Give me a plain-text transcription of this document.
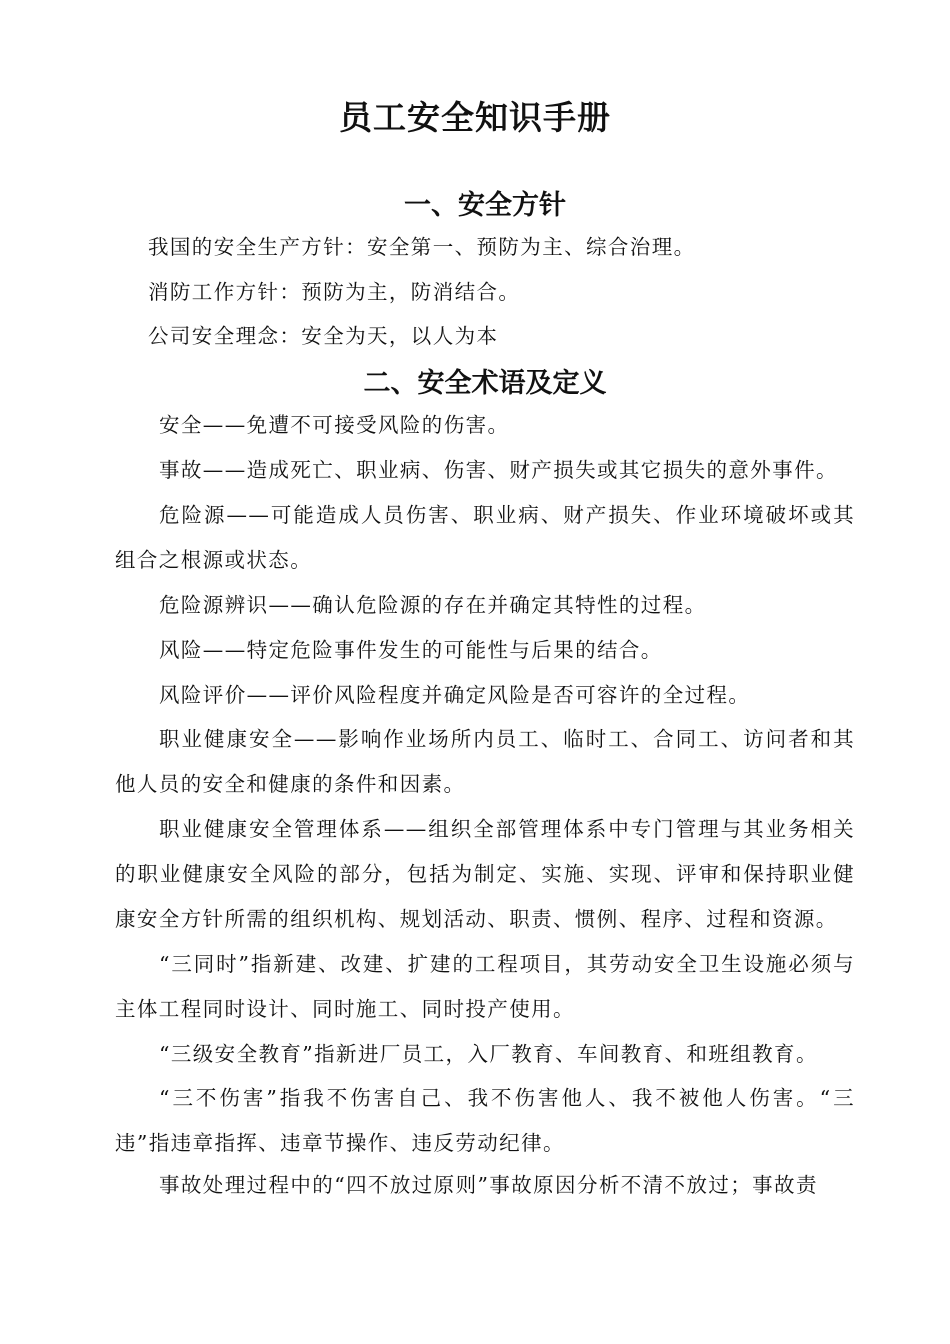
员工安全知识手册
一、安全方针
我国的安全生产方针：安全第一、预防为主、综合治理。
消防工作方针：预防为主，防消结合。
公司安全理念：安全为天，以人为本
二、安全术语及定义
安全——免遭不可接受风险的伤害。
事故——造成死亡、职业病、伤害、财产损失或其它损失的意外事件。
危险源——可能造成人员伤害、职业病、财产损失、作业环境破坏或其组合之根源或状态。
危险源辨识——确认危险源的存在并确定其特性的过程。
风险——特定危险事件发生的可能性与后果的结合。
风险评价——评价风险程度并确定风险是否可容许的全过程。
职业健康安全——影响作业场所内员工、临时工、合同工、访问者和其他人员的安全和健康的条件和因素。
职业健康安全管理体系——组织全部管理体系中专门管理与其业务相关的职业健康安全风险的部分，包括为制定、实施、实现、评审和保持职业健康安全方针所需的组织机构、规划活动、职责、惯例、程序、过程和资源。
“三同时”指新建、改建、扩建的工程项目，其劳动安全卫生设施必须与主体工程同时设计、同时施工、同时投产使用。
“三级安全教育”指新进厂员工，入厂教育、车间教育、和班组教育。
“三不伤害”指我不伤害自己、我不伤害他人、我不被他人伤害。“三违”指违章指挥、违章节操作、违反劳动纪律。
事故处理过程中的“四不放过原则”事故原因分析不清不放过；事故责
